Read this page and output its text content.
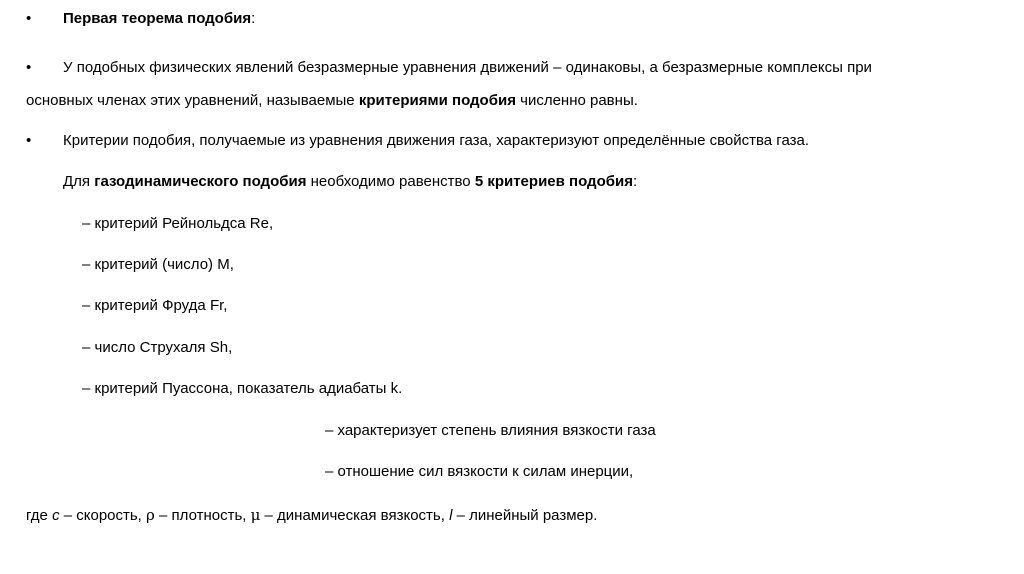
• Первая теорема подобия:
• У подобных физических явлений безразмерные уравнения движений – одинаковы, а безразмерные комплексы при
основных членах этих уравнений, называемые критериями подобия численно равны.
• Критерии подобия, получаемые из уравнения движения газа, характеризуют определённые свойства газа.
Для газодинамического подобия необходимо равенство 5 критериев подобия:
– критерий Рейнольдса Re,
– критерий (число) M,
– критерий Фруда Fr,
– число Струхаля Sh,
– критерий Пуассона, показатель адиабаты k.
– характеризует степень влияния вязкости газа
– отношение сил вязкости к силам инерции,
где c – скорость, ρ – плотность, μ – динамическая вязкость, l – линейный размер.
